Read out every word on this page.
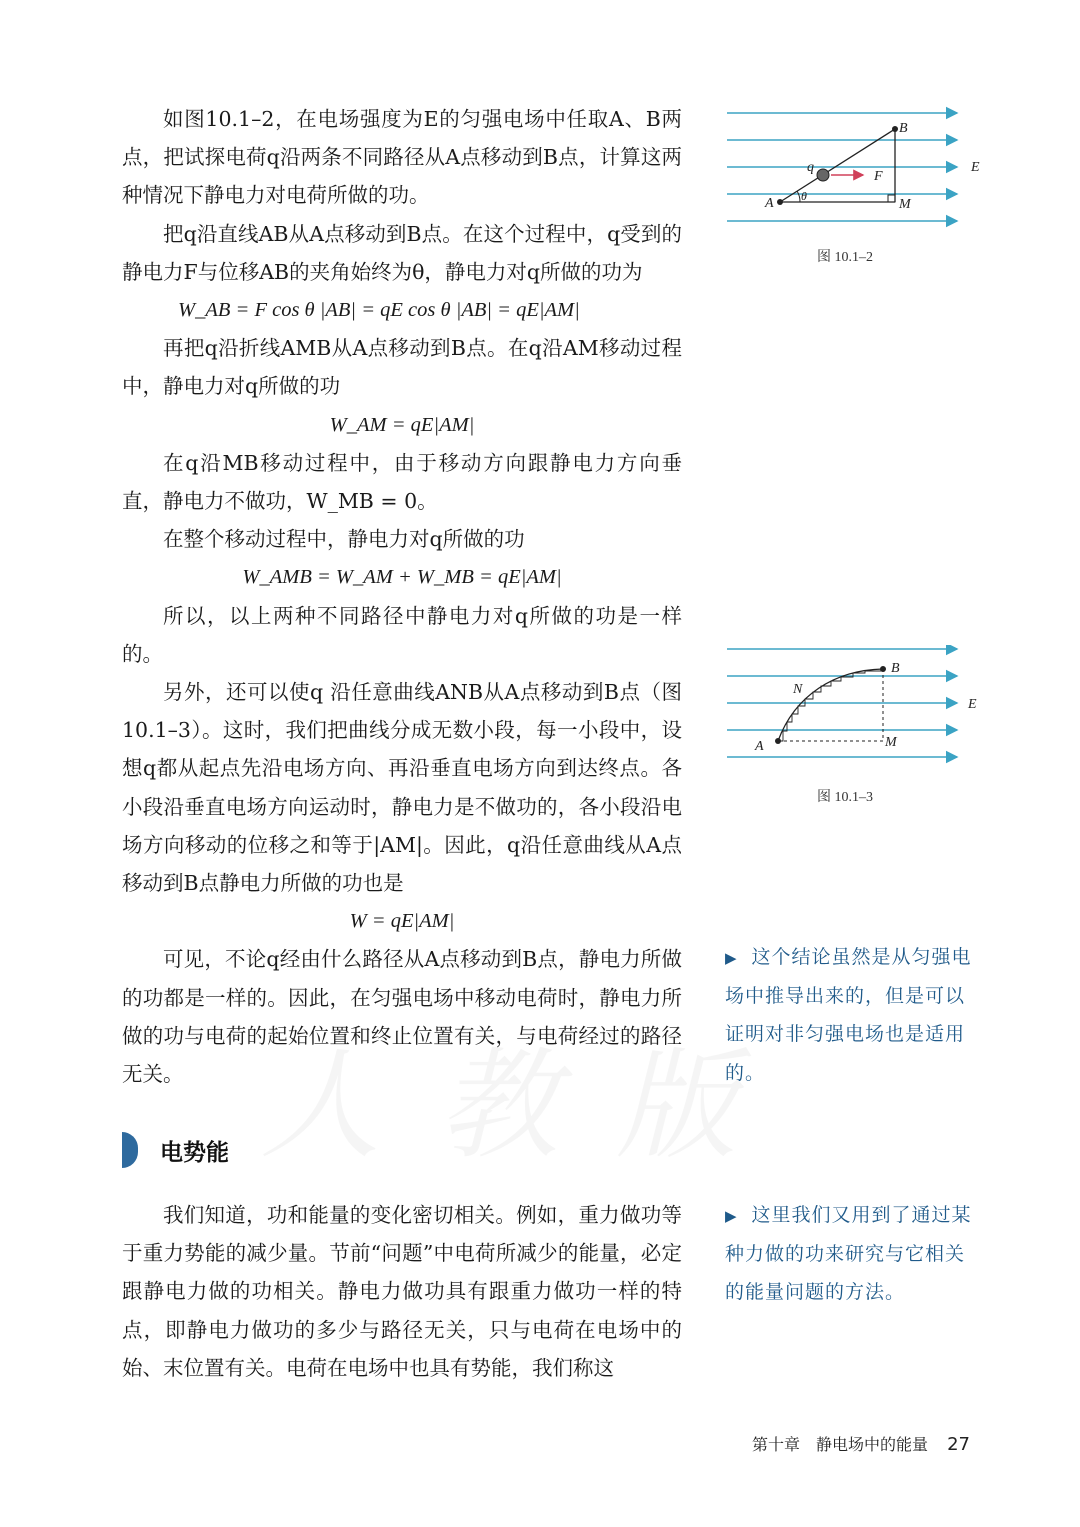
如图10.1–2，在电场强度为E的匀强电场中任取A、B两点，把试探电荷q沿两条不同路径从A点移动到B点，计算这两种情况下静电力对电荷所做的功。

把q沿直线AB从A点移动到B点。在这个过程中，q受到的静电力F与位移AB的夹角始终为θ，静电力对q所做的功为

W_AB = F cos θ |AB| = qE cos θ |AB| = qE|AM|

再把q沿折线AMB从A点移动到B点。在q沿AM移动过程中，静电力对q所做的功

W_AM = qE|AM|

在q沿MB移动过程中，由于移动方向跟静电力方向垂直，静电力不做功，W_MB = 0。

在整个移动过程中，静电力对q所做的功

W_AMB = W_AM + W_MB = qE|AM|

所以，以上两种不同路径中静电力对q所做的功是一样的。

另外，还可以使q 沿任意曲线ANB从A点移动到B点（图10.1–3）。这时，我们把曲线分成无数小段，每一小段中，设想q都从起点先沿电场方向、再沿垂直电场方向到达终点。各小段沿垂直电场方向运动时，静电力是不做功的，各小段沿电场方向移动的位移之和等于|AM|。因此，q沿任意曲线从A点移动到B点静电力所做的功也是

W = qE|AM|

可见，不论q经由什么路径从A点移动到B点，静电力所做的功都是一样的。因此，在匀强电场中移动电荷时，静电力所做的功与电荷的起始位置和终止位置有关，与电荷经过的路径无关。

电势能

我们知道，功和能量的变化密切相关。例如，重力做功等于重力势能的减少量。节前“问题”中电荷所减少的能量，必定跟静电力做的功相关。静电力做功具有跟重力做功一样的特点，即静电力做功的多少与路径无关，只与电荷在电场中的始、末位置有关。电荷在电场中也具有势能，我们称这

A
B
M
q
F
θ
E
图 10.1–2
A
B
M
N
E
图 10.1–3
▶ 这个结论虽然是从匀强电场中推导出来的，但是可以证明对非匀强电场也是适用的。
▶ 这里我们又用到了通过某种力做的功来研究与它相关的能量问题的方法。
第十章　静电场中的能量 27
